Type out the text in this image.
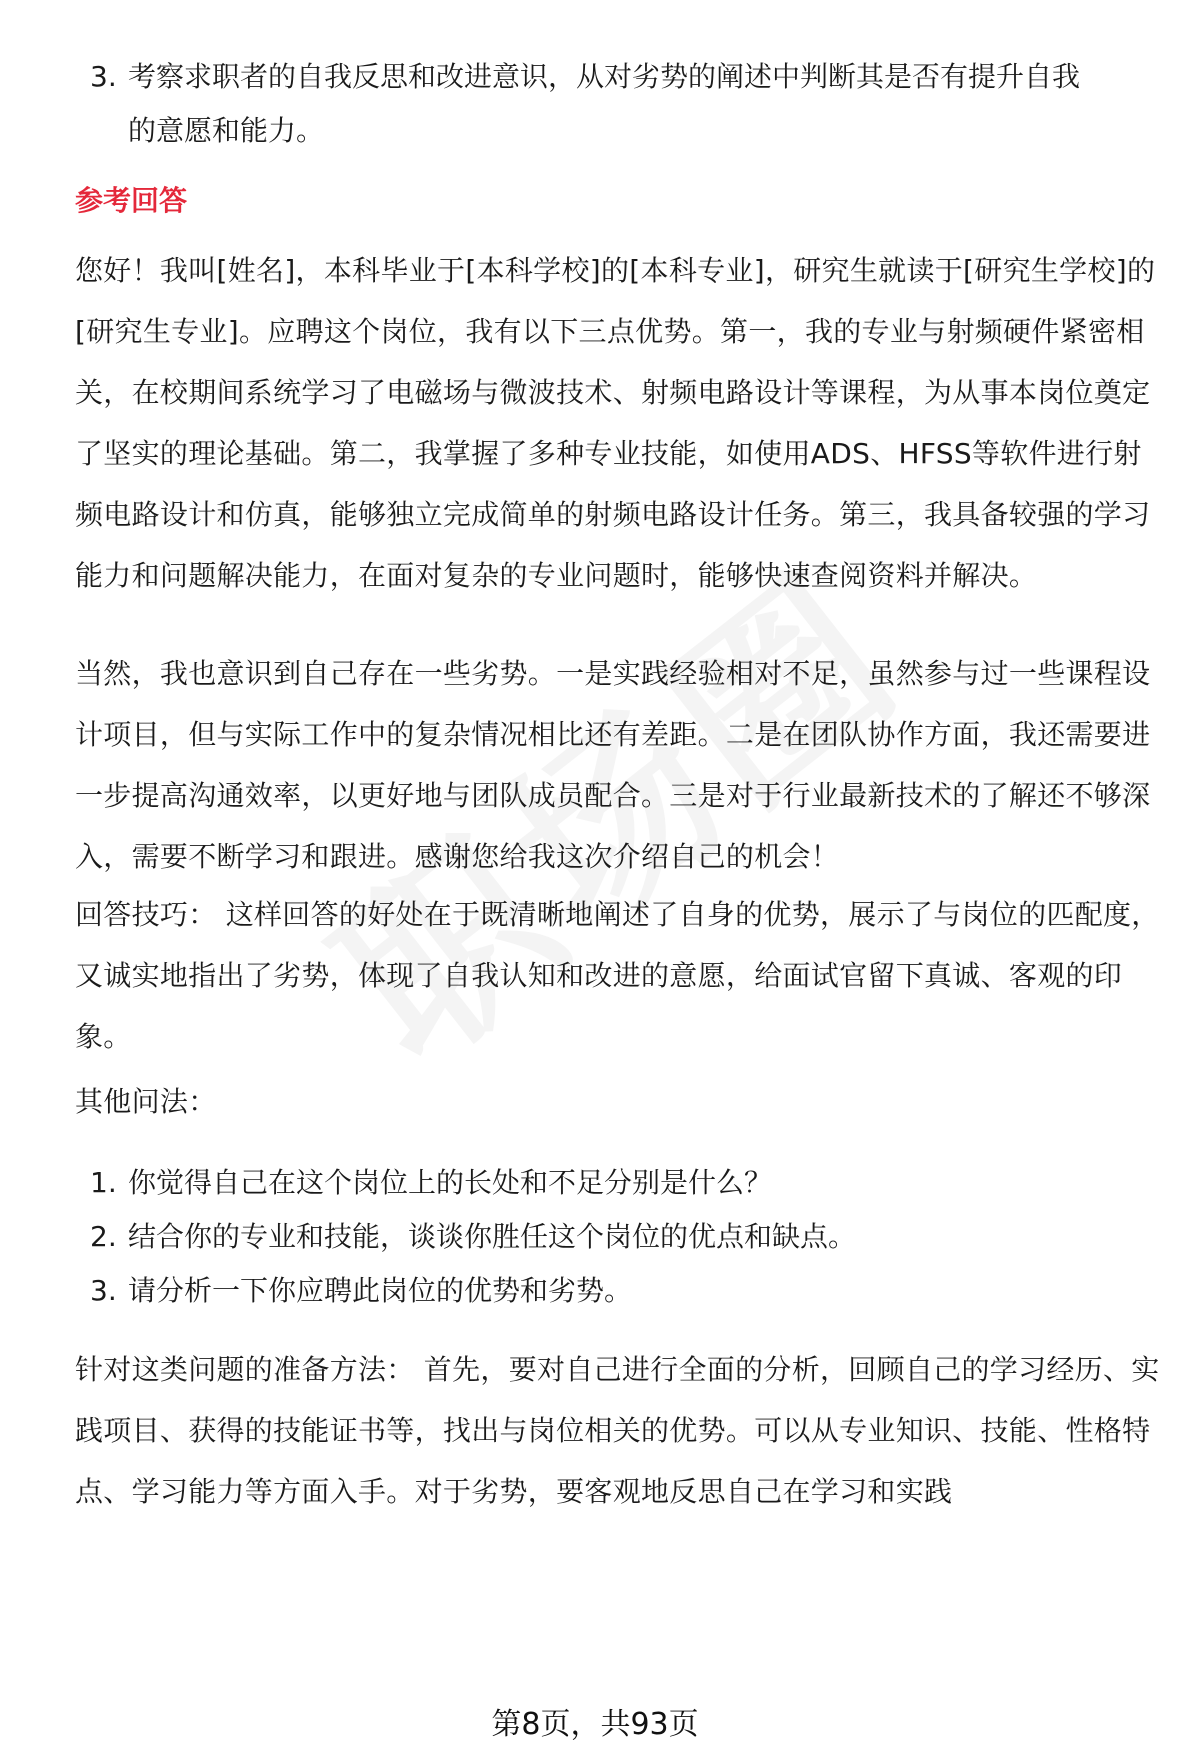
3. 考察求职者的自我反思和改进意识，从对劣势的阐述中判断其是否有提升自我
的意愿和能力。
参考回答
您好！我叫[姓名]，本科毕业于[本科学校]的[本科专业]，研究生就读于[研究生学校]的[研究生专业]。应聘这个岗位，我有以下三点优势。第一，我的专业与射频硬件紧密相关，在校期间系统学习了电磁场与微波技术、射频电路设计等课程，为从事本岗位奠定了坚实的理论基础。第二，我掌握了多种专业技能，如使用ADS、HFSS等软件进行射频电路设计和仿真，能够独立完成简单的射频电路设计任务。第三，我具备较强的学习能力和问题解决能力，在面对复杂的专业问题时，能够快速查阅资料并解决。
当然，我也意识到自己存在一些劣势。一是实践经验相对不足，虽然参与过一些课程设计项目，但与实际工作中的复杂情况相比还有差距。二是在团队协作方面，我还需要进一步提高沟通效率，以更好地与团队成员配合。三是对于行业最新技术的了解还不够深入，需要不断学习和跟进。感谢您给我这次介绍自己的机会！
回答技巧： 这样回答的好处在于既清晰地阐述了自身的优势，展示了与岗位的匹配度，又诚实地指出了劣势，体现了自我认知和改进的意愿，给面试官留下真诚、客观的印象。
其他问法：
1. 你觉得自己在这个岗位上的长处和不足分别是什么？
2. 结合你的专业和技能，谈谈你胜任这个岗位的优点和缺点。
3. 请分析一下你应聘此岗位的优势和劣势。
针对这类问题的准备方法： 首先，要对自己进行全面的分析，回顾自己的学习经历、实践项目、获得的技能证书等，找出与岗位相关的优势。可以从专业知识、技能、性格特点、学习能力等方面入手。对于劣势，要客观地反思自己在学习和实践
第8页，共93页
